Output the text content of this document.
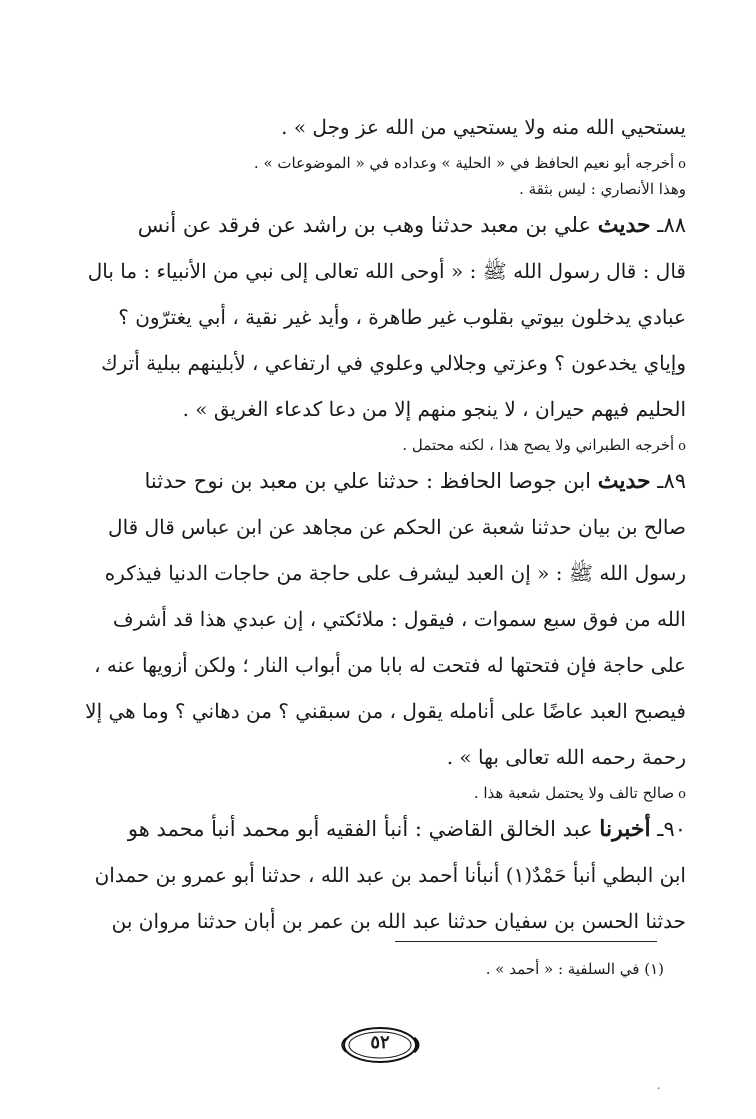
يستحيي الله منه ولا يستحيي من الله عز وجل » .
oأخرجه أبو نعيم الحافظ في « الحلية » وعداده في « الموضوعات » .
وهذا الأنصاري : ليس بثقة .
٨٨ـ حديث علي بن معبد حدثنا وهب بن راشد عن فرقد عن أنس
قال : قال رسول الله ﷺ : « أوحى الله تعالى إلى نبي من الأنبياء : ما بال
عبادي يدخلون بيوتي بقلوب غير طاهرة ، وأيد غير نقية ، أبي يغترّون ؟
وإياي يخدعون ؟ وعزتي وجلالي وعلوي في ارتفاعي ، لأبلينهم ببلية أترك
الحليم فيهم حيران ، لا ينجو منهم إلا من دعا كدعاء الغريق » .
oأخرجه الطبراني ولا يصح هذا ، لكنه محتمل .
٨٩ـ حديث ابن جوصا الحافظ : حدثنا علي بن معبد بن نوح حدثنا
صالح بن بيان حدثنا شعبة عن الحكم عن مجاهد عن ابن عباس قال قال
رسول الله ﷺ : « إن العبد ليشرف على حاجة من حاجات الدنيا فيذكره
الله من فوق سبع سموات ، فيقول : ملائكتي ، إن عبدي هذا قد أشرف
على حاجة فإن فتحتها له فتحت له بابا من أبواب النار ؛ ولكن أزويها عنه ،
فيصبح العبد عاضًا على أنامله يقول ، من سبقني ؟ من دهاني ؟ وما هي إلا
رحمة رحمه الله تعالى بها » .
oصالح تالف ولا يحتمل شعبة هذا .
٩٠ـ أخبرنا عبد الخالق القاضي : أنبأ الفقيه أبو محمد أنبأ محمد هو
ابن البطي أنبأ حَمْدٌ(١) أنبأنا أحمد بن عبد الله ، حدثنا أبو عمرو بن حمدان
حدثنا الحسن بن سفيان حدثنا عبد الله بن عمر بن أبان حدثنا مروان بن
(١) في السلفية : « أحمد » .
٥٢
٠
